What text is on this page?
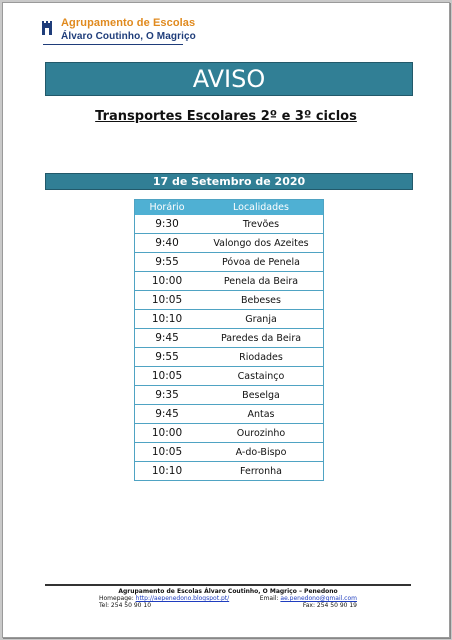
Agrupamento de Escolas
Álvaro Coutinho, O Magriço
AVISO
Transportes Escolares 2º e 3º ciclos
17 de Setembro de 2020
Horário	Localidades
9:30	Trevões
9:40	Valongo dos Azeites
9:55	Póvoa de Penela
10:00	Penela da Beira
10:05	Bebeses
10:10	Granja
9:45	Paredes da Beira
9:55	Riodades
10:05	Castainço
9:35	Beselga
9:45	Antas
10:00	Ourozinho
10:05	A-do-Bispo
10:10	Ferronha
Agrupamento de Escolas Álvaro Coutinho, O Magriço – Penedono
Homepage: http://aepenedono.blogspot.pt/	Email: ae.penedono@gmail.com
Tel: 254 50 90 10	Fax: 254 50 90 19
